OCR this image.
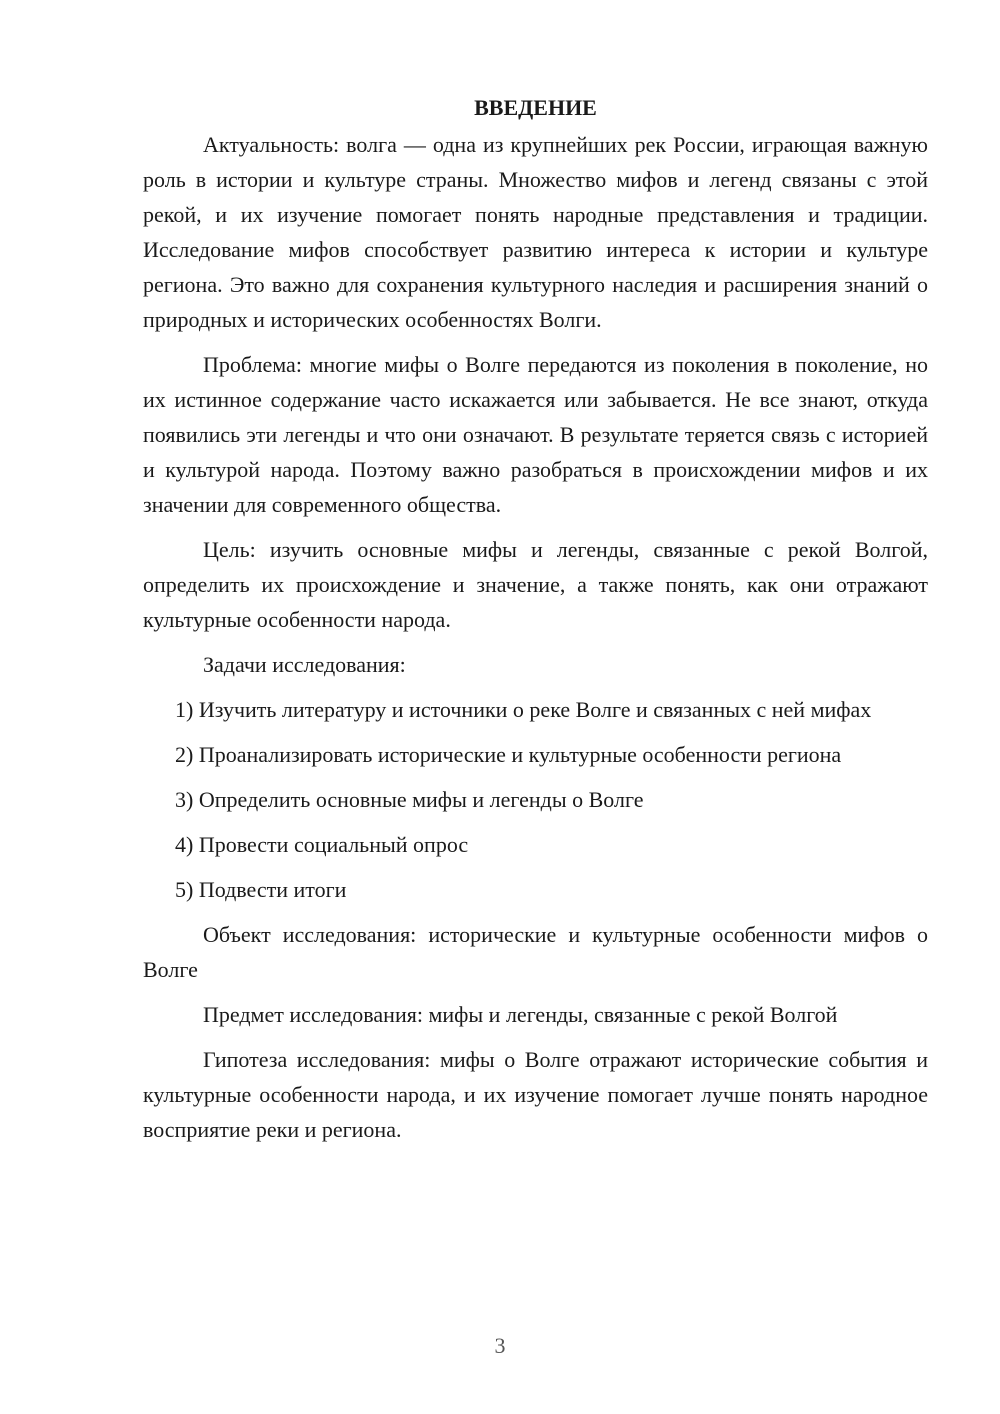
ВВЕДЕНИЕ

Актуальность: волга — одна из крупнейших рек России, играющая важную роль в истории и культуре страны. Множество мифов и легенд связаны с этой рекой, и их изучение помогает понять народные представления и традиции. Исследование мифов способствует развитию интереса к истории и культуре региона. Это важно для сохранения культурного наследия и расширения знаний о природных и исторических особенностях Волги.

Проблема: многие мифы о Волге передаются из поколения в поколение, но их истинное содержание часто искажается или забывается. Не все знают, откуда появились эти легенды и что они означают. В результате теряется связь с историей и культурой народа. Поэтому важно разобраться в происхождении мифов и их значении для современного общества.

Цель: изучить основные мифы и легенды, связанные с рекой Волгой, определить их происхождение и значение, а также понять, как они отражают культурные особенности народа.

Задачи исследования:

1) Изучить литературу и источники о реке Волге и связанных с ней мифах

2) Проанализировать исторические и культурные особенности региона

3) Определить основные мифы и легенды о Волге

4) Провести социальный опрос

5) Подвести итоги

Объект исследования: исторические и культурные особенности мифов о Волге

Предмет исследования: мифы и легенды, связанные с рекой Волгой

Гипотеза исследования: мифы о Волге отражают исторические события и культурные особенности народа, и их изучение помогает лучше понять народное восприятие реки и региона.

3
